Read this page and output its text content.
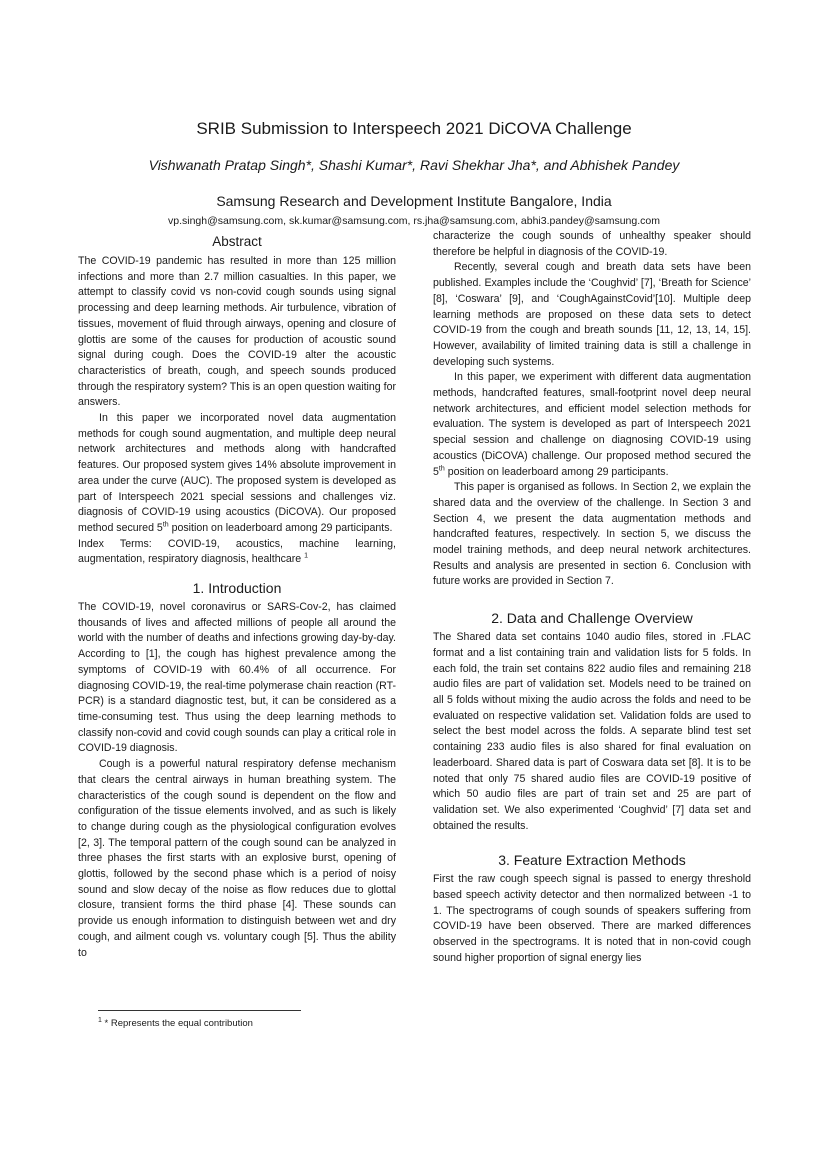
SRIB Submission to Interspeech 2021 DiCOVA Challenge
Vishwanath Pratap Singh*, Shashi Kumar*, Ravi Shekhar Jha*, and Abhishek Pandey
Samsung Research and Development Institute Bangalore, India
vp.singh@samsung.com, sk.kumar@samsung.com, rs.jha@samsung.com, abhi3.pandey@samsung.com
Abstract

The COVID-19 pandemic has resulted in more than 125 million infections and more than 2.7 million casualties. In this paper, we attempt to classify covid vs non-covid cough sounds using signal processing and deep learning methods. Air turbulence, vibration of tissues, movement of fluid through airways, opening and closure of glottis are some of the causes for production of acoustic sound signal during cough. Does the COVID-19 alter the acoustic characteristics of breath, cough, and speech sounds produced through the respiratory system? This is an open question waiting for answers.

In this paper we incorporated novel data augmentation methods for cough sound augmentation, and multiple deep neural network architectures and methods along with handcrafted features. Our proposed system gives 14% absolute improvement in area under the curve (AUC). The proposed system is developed as part of Interspeech 2021 special sessions and challenges viz. diagnosis of COVID-19 using acoustics (DiCOVA). Our proposed method secured 5th position on leaderboard among 29 participants.

Index Terms: COVID-19, acoustics, machine learning, augmentation, respiratory diagnosis, healthcare $^1$

1. Introduction

The COVID-19, novel coronavirus or SARS-Cov-2, has claimed thousands of lives and affected millions of people all around the world with the number of deaths and infections growing day-by-day. According to [1], the cough has highest prevalence among the symptoms of COVID-19 with 60.4% of all occurrence. For diagnosing COVID-19, the real-time polymerase chain reaction (RT-PCR) is a standard diagnostic test, but, it can be considered as a time-consuming test. Thus using the deep learning methods to classify non-covid and covid cough sounds can play a critical role in COVID-19 diagnosis.

Cough is a powerful natural respiratory defense mechanism that clears the central airways in human breathing system. The characteristics of the cough sound is dependent on the flow and configuration of the tissue elements involved, and as such is likely to change during cough as the physiological configuration evolves [2, 3]. The temporal pattern of the cough sound can be analyzed in three phases the first starts with an explosive burst, opening of glottis, followed by the second phase which is a period of noisy sound and slow decay of the noise as flow reduces due to glottal closure, transient forms the third phase [4]. These sounds can provide us enough information to distinguish between wet and dry cough, and ailment cough vs. voluntary cough [5]. Thus the ability to

characterize the cough sounds of unhealthy speaker should therefore be helpful in diagnosis of the COVID-19.

Recently, several cough and breath data sets have been published. Examples include the ‘Coughvid’ [7], ‘Breath for Science’ [8], ‘Coswara’ [9], and ‘CoughAgainstCovid’[10]. Multiple deep learning methods are proposed on these data sets to detect COVID-19 from the cough and breath sounds [11, 12, 13, 14, 15]. However, availability of limited training data is still a challenge in developing such systems.

In this paper, we experiment with different data augmentation methods, handcrafted features, small-footprint novel deep neural network architectures, and efficient model selection methods for evaluation. The system is developed as part of Interspeech 2021 special session and challenge on diagnosing COVID-19 using acoustics (DiCOVA) challenge. Our proposed method secured the 5th position on leaderboard among 29 participants.

This paper is organised as follows. In Section 2, we explain the shared data and the overview of the challenge. In Section 3 and Section 4, we present the data augmentation methods and handcrafted features, respectively. In section 5, we discuss the model training methods, and deep neural network architectures. Results and analysis are presented in section 6. Conclusion with future works are provided in Section 7.

2. Data and Challenge Overview

The Shared data set contains 1040 audio files, stored in .FLAC format and a list containing train and validation lists for 5 folds. In each fold, the train set contains 822 audio files and remaining 218 audio files are part of validation set. Models need to be trained on all 5 folds without mixing the audio across the folds and need to be evaluated on respective validation set. Validation folds are used to select the best model across the folds. A separate blind test set containing 233 audio files is also shared for final evaluation on leaderboard. Shared data is part of Coswara data set [8]. It is to be noted that only 75 shared audio files are COVID-19 positive of which 50 audio files are part of train set and 25 are part of validation set. We also experimented ‘Coughvid’ [7] data set and obtained the results.

3. Feature Extraction Methods

First the raw cough speech signal is passed to energy threshold based speech activity detector and then normalized between -1 to 1. The spectrograms of cough sounds of speakers suffering from COVID-19 have been observed. There are marked differences observed in the spectrograms. It is noted that in non-covid cough sound higher proportion of signal energy lies

$^1$ * Represents the equal contribution
